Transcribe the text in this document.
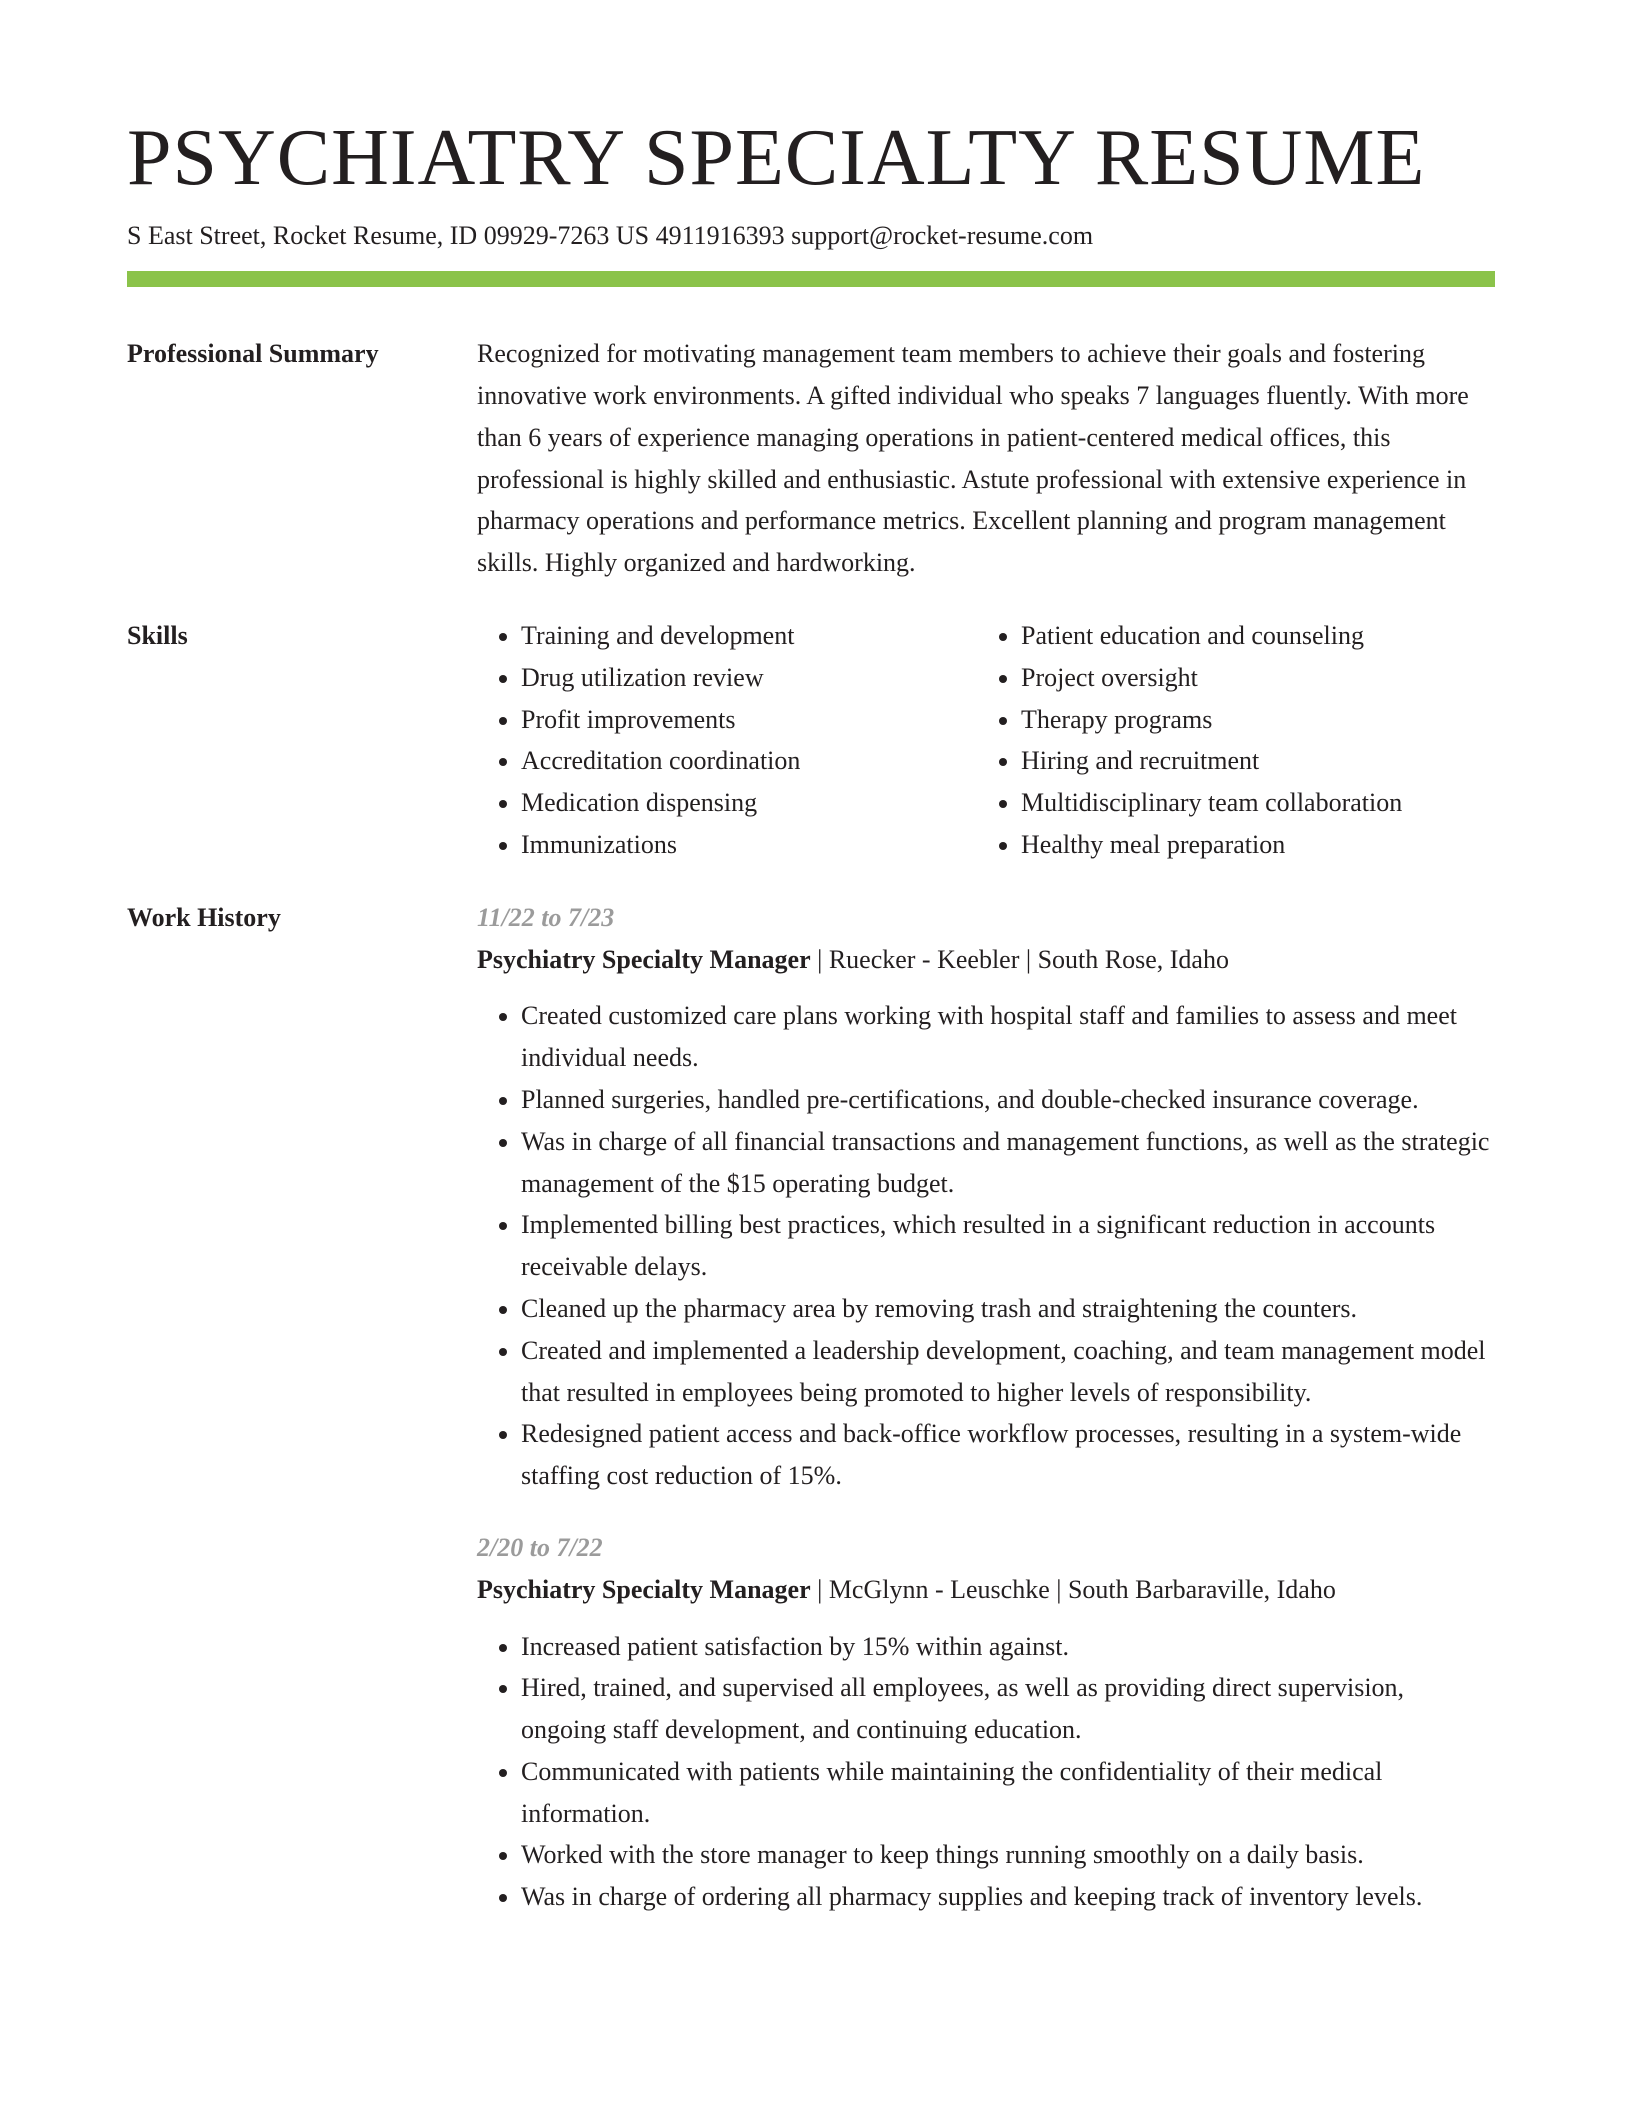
PSYCHIATRY SPECIALTY RESUME
S East Street, Rocket Resume, ID 09929-7263 US 4911916393 support@rocket-resume.com
Professional Summary	Recognized for motivating management team members to achieve their goals and fostering innovative work environments. A gifted individual who speaks 7 languages fluently. With more than 6 years of experience managing operations in patient-centered medical offices, this professional is highly skilled and enthusiastic. Astute professional with extensive experience in pharmacy operations and performance metrics. Excellent planning and program management skills. Highly organized and hardworking.
Skills
•	Training and development
• Drug utilization review
• Profit improvements
• Accreditation coordination
• Medication dispensing
• Immunizations
• Patient education and counseling
• Project oversight
• Therapy programs
• Hiring and recruitment
• Multidisciplinary team collaboration
• Healthy meal preparation
Work History	11/22 to 7/23
Psychiatry Specialty Manager | Ruecker - Keebler | South Rose, Idaho
• Created customized care plans working with hospital staff and families to assess and meet individual needs.
• Planned surgeries, handled pre-certifications, and double-checked insurance coverage.
• Was in charge of all financial transactions and management functions, as well as the strategic management of the $15 operating budget.
• Implemented billing best practices, which resulted in a significant reduction in accounts receivable delays.
• Cleaned up the pharmacy area by removing trash and straightening the counters.
• Created and implemented a leadership development, coaching, and team management model that resulted in employees being promoted to higher levels of responsibility.
• Redesigned patient access and back-office workflow processes, resulting in a system-wide staffing cost reduction of 15%.
2/20 to 7/22
Psychiatry Specialty Manager | McGlynn - Leuschke | South Barbaraville, Idaho
• Increased patient satisfaction by 15% within against.
• Hired, trained, and supervised all employees, as well as providing direct supervision, ongoing staff development, and continuing education.
• Communicated with patients while maintaining the confidentiality of their medical information.
• Worked with the store manager to keep things running smoothly on a daily basis.
• Was in charge of ordering all pharmacy supplies and keeping track of inventory levels.
